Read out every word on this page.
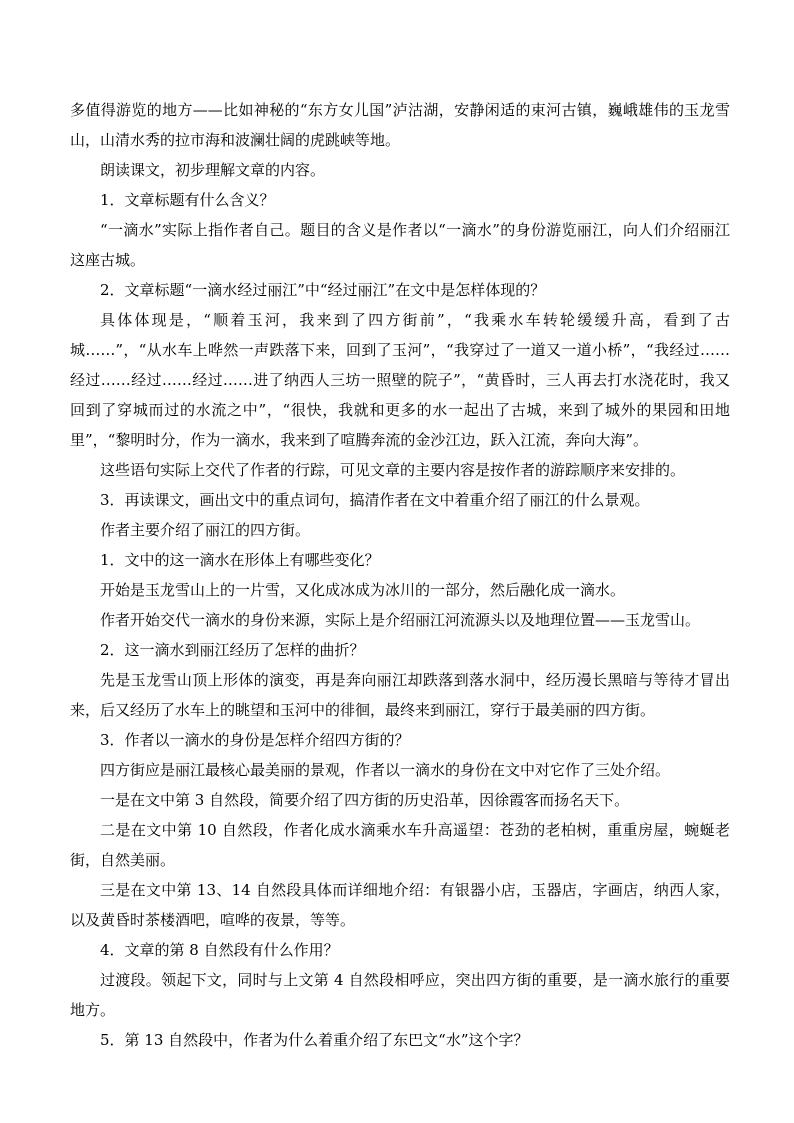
多值得游览的地方——比如神秘的“东方女儿国”泸沽湖，安静闲适的束河古镇，巍峨雄伟的玉龙雪山，山清水秀的拉市海和波澜壮阔的虎跳峡等地。

朗读课文，初步理解文章的内容。

1．文章标题有什么含义？

“一滴水”实际上指作者自己。题目的含义是作者以“一滴水”的身份游览丽江，向人们介绍丽江这座古城。

2．文章标题“一滴水经过丽江”中“经过丽江”在文中是怎样体现的？

具体体现是，“顺着玉河，我来到了四方街前”，“我乘水车转轮缓缓升高，看到了古城……”，“从水车上哗然一声跌落下来，回到了玉河”，“我穿过了一道又一道小桥”，“我经过……经过……经过……经过……进了纳西人三坊一照壁的院子”，“黄昏时，三人再去打水浇花时，我又回到了穿城而过的水流之中”，“很快，我就和更多的水一起出了古城，来到了城外的果园和田地里”，“黎明时分，作为一滴水，我来到了喧腾奔流的金沙江边，跃入江流，奔向大海”。

这些语句实际上交代了作者的行踪，可见文章的主要内容是按作者的游踪顺序来安排的。

3．再读课文，画出文中的重点词句，搞清作者在文中着重介绍了丽江的什么景观。

作者主要介绍了丽江的四方街。

1．文中的这一滴水在形体上有哪些变化？

开始是玉龙雪山上的一片雪，又化成冰成为冰川的一部分，然后融化成一滴水。

作者开始交代一滴水的身份来源，实际上是介绍丽江河流源头以及地理位置——玉龙雪山。

2．这一滴水到丽江经历了怎样的曲折？

先是玉龙雪山顶上形体的演变，再是奔向丽江却跌落到落水洞中，经历漫长黑暗与等待才冒出来，后又经历了水车上的眺望和玉河中的徘徊，最终来到丽江，穿行于最美丽的四方街。

3．作者以一滴水的身份是怎样介绍四方街的？

四方街应是丽江最核心最美丽的景观，作者以一滴水的身份在文中对它作了三处介绍。

一是在文中第 3 自然段，简要介绍了四方街的历史沿革，因徐霞客而扬名天下。

二是在文中第 10 自然段，作者化成水滴乘水车升高遥望：苍劲的老柏树，重重房屋，蜿蜒老街，自然美丽。

三是在文中第 13、14 自然段具体而详细地介绍：有银器小店，玉器店，字画店，纳西人家，以及黄昏时茶楼酒吧，喧哗的夜景，等等。

4．文章的第 8 自然段有什么作用？

过渡段。领起下文，同时与上文第 4 自然段相呼应，突出四方街的重要，是一滴水旅行的重要地方。

5．第 13 自然段中，作者为什么着重介绍了东巴文“水”这个字？
